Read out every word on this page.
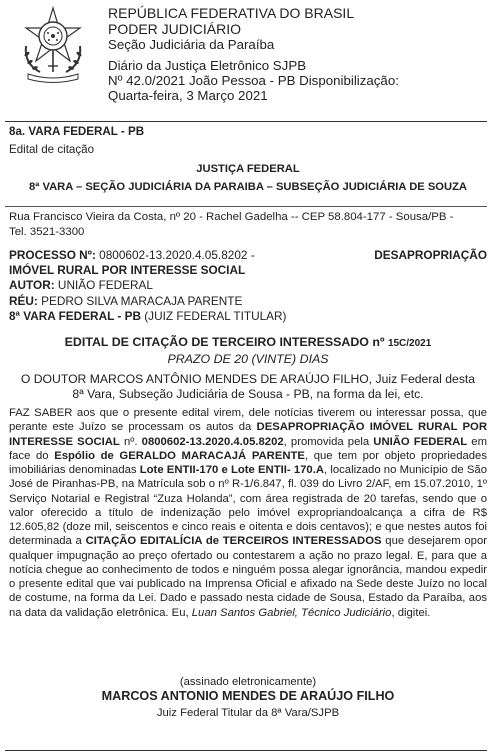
REPÚBLICA FEDERATIVA DO BRASIL
PODER JUDICIÁRIO
Seção Judiciária da Paraíba
Diário da Justiça Eletrônico SJPB
Nº 42.0/2021 João Pessoa - PB Disponibilização:
Quarta-feira, 3 Março 2021
8a. VARA FEDERAL - PB
Edital de citação
JUSTIÇA FEDERAL
8ª VARA – SEÇÃO JUDICIÁRIA DA PARAIBA – SUBSEÇÃO JUDICIÁRIA DE SOUZA
Rua Francisco Vieira da Costa, nº 20 - Rachel Gadelha -- CEP 58.804-177 - Sousa/PB -
Tel. 3521-3300
PROCESSO Nº: 0800602-13.2020.4.05.8202 -	DESAPROPRIAÇÃO
IMÓVEL RURAL POR INTERESSE SOCIAL
AUTOR: UNIÃO FEDERAL
RÉU: PEDRO SILVA MARACAJA PARENTE
8ª VARA FEDERAL - PB (JUIZ FEDERAL TITULAR)
EDITAL DE CITAÇÃO DE TERCEIRO INTERESSADO nº 15C/2021
PRAZO DE 20 (VINTE) DIAS
O DOUTOR MARCOS ANTÔNIO MENDES DE ARAÚJO FILHO, Juiz Federal desta
8ª Vara, Subseção Judiciária de Sousa - PB, na forma da lei, etc.
FAZ SABER aos que o presente edital virem, dele notícias tiverem ou interessar possa, que perante este Juízo se processam os autos da DESAPROPRIAÇÃO IMÓVEL RURAL POR INTERESSE SOCIAL nº. 0800602-13.2020.4.05.8202, promovida pela UNIÃO FEDERAL em face do Espólio de GERALDO MARACAJÁ PARENTE, que tem por objeto propriedades imobiliárias denominadas Lote ENTII-170 e Lote ENTII- 170.A, localizado no Município de São José de Piranhas-PB, na Matrícula sob o nº R-1/6.847, fl. 039 do Livro 2/AF, em 15.07.2010, 1º Serviço Notarial e Registral “Zuza Holanda”, com área registrada de 20 tarefas, sendo que o valor oferecido a título de indenização pelo imóvel expropriandoalcança a cifra de R$ 12.605,82 (doze mil, seiscentos e cinco reais e oitenta e dois centavos); e que nestes autos foi determinada a CITAÇÃO EDITALÍCIA de TERCEIROS INTERESSADOS que desejarem opor qualquer impugnação ao preço ofertado ou contestarem a ação no prazo legal. E, para que a notícia chegue ao conhecimento de todos e ninguém possa alegar ignorância, mandou expedir o presente edital que vai publicado na Imprensa Oficial e afixado na Sede deste Juízo no local de costume, na forma da Lei. Dado e passado nesta cidade de Sousa, Estado da Paraíba, aos na data da validação eletrônica. Eu, Luan Santos Gabriel, Técnico Judiciário, digitei.
(assinado eletronicamente)
MARCOS ANTONIO MENDES DE ARAÚJO FILHO
Juiz Federal Titular da 8ª Vara/SJPB
